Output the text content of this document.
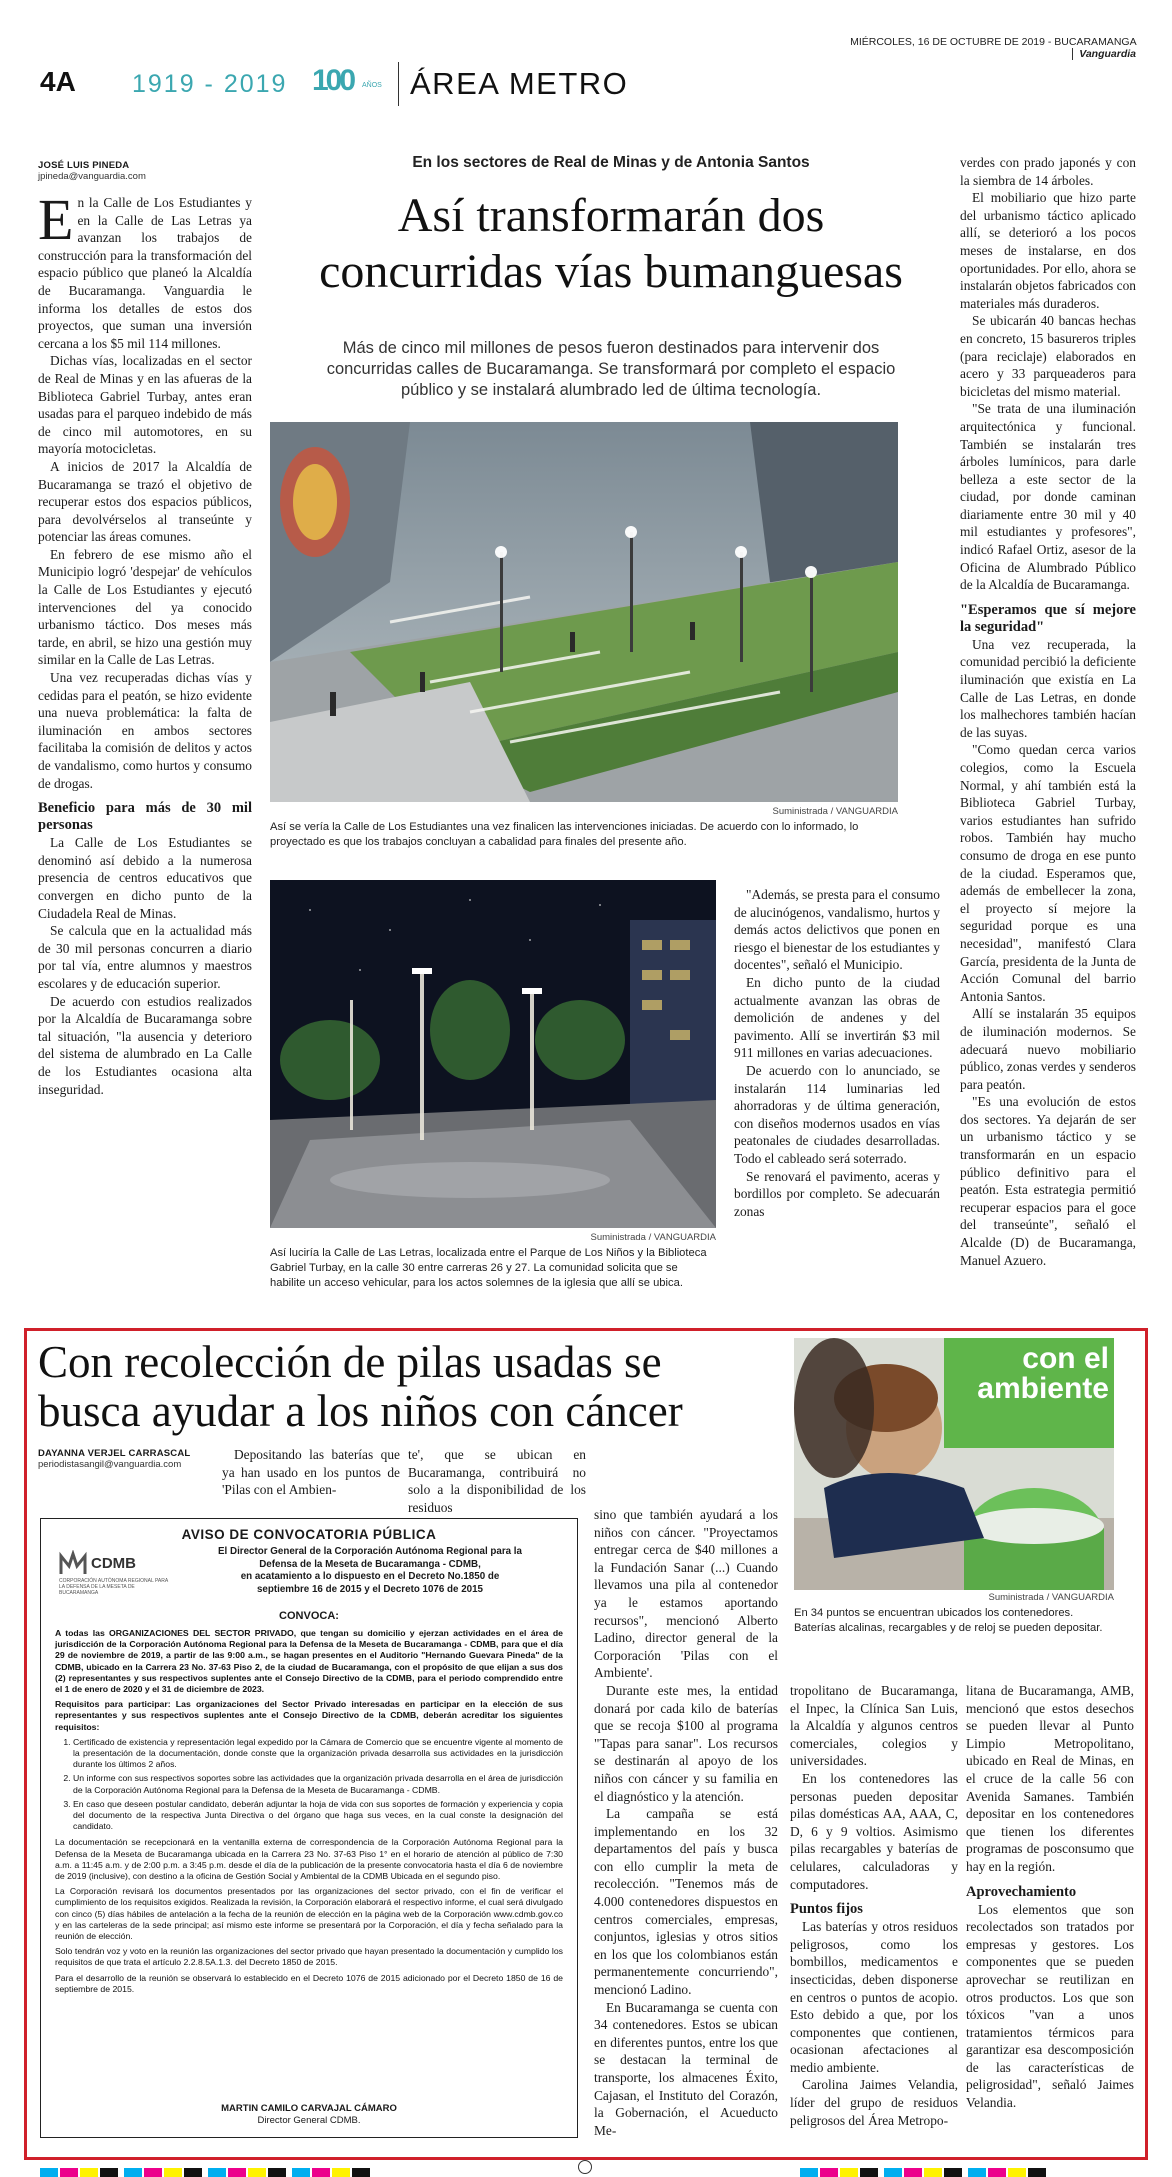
MIÉRCOLES, 16 DE OCTUBRE DE 2019 - BUCARAMANGA Vanguardia
4A 1919 - 2019 100 AÑOS ÁREA METRO
JOSÉ LUIS PINEDA
jpineda@vanguardia.com

En la Calle de Los Estudiantes y en la Calle de Las Letras ya avanzan los trabajos de construcción para la transformación del espacio público que planeó la Alcaldía de Bucaramanga. Vanguardia le informa los detalles de estos dos proyectos, que suman una inversión cercana a los $5 mil 114 millones.

Dichas vías, localizadas en el sector de Real de Minas y en las afueras de la Biblioteca Gabriel Turbay, antes eran usadas para el parqueo indebido de más de cinco mil automotores, en su mayoría motocicletas.

A inicios de 2017 la Alcaldía de Bucaramanga se trazó el objetivo de recuperar estos dos espacios públicos, para devolvérselos al transeúnte y potenciar las áreas comunes.

En febrero de ese mismo año el Municipio logró 'despejar' de vehículos la Calle de Los Estudiantes y ejecutó intervenciones del ya conocido urbanismo táctico. Dos meses más tarde, en abril, se hizo una gestión muy similar en la Calle de Las Letras.

Una vez recuperadas dichas vías y cedidas para el peatón, se hizo evidente una nueva problemática: la falta de iluminación en ambos sectores facilitaba la comisión de delitos y actos de vandalismo, como hurtos y consumo de drogas.

Beneficio para más de 30 mil personas

La Calle de Los Estudiantes se denominó así debido a la numerosa presencia de centros educativos que convergen en dicho punto de la Ciudadela Real de Minas.

Se calcula que en la actualidad más de 30 mil personas concurren a diario por tal vía, entre alumnos y maestros escolares y de educación superior.

De acuerdo con estudios realizados por la Alcaldía de Bucaramanga sobre tal situación, "la ausencia y deterioro del sistema de alumbrado en La Calle de los Estudiantes ocasiona alta inseguridad.

En los sectores de Real de Minas y de Antonia Santos
Así transformarán dos
concurridas vías bumanguesas
Más de cinco mil millones de pesos fueron destinados para intervenir dos
concurridas calles de Bucaramanga. Se transformará por completo el espacio
público y se instalará alumbrado led de última tecnología.
Suministrada / VANGUARDIA
Así se vería la Calle de Los Estudiantes una vez finalicen las intervenciones iniciadas. De acuerdo con lo informado, lo proyectado es que los trabajos concluyan a cabalidad para finales del presente año.
Suministrada / VANGUARDIA
Así luciría la Calle de Las Letras, localizada entre el Parque de Los Niños y la Biblioteca Gabriel Turbay, en la calle 30 entre carreras 26 y 27. La comunidad solicita que se habilite un acceso vehicular, para los actos solemnes de la iglesia que allí se ubica.

"Además, se presta para el consumo de alucinógenos, vandalismo, hurtos y demás actos delictivos que ponen en riesgo el bienestar de los estudiantes y docentes", señaló el Municipio.

En dicho punto de la ciudad actualmente avanzan las obras de demolición de andenes y del pavimento. Allí se invertirán $3 mil 911 millones en varias adecuaciones.

De acuerdo con lo anunciado, se instalarán 114 luminarias led ahorradoras y de última generación, con diseños modernos usados en vías peatonales de ciudades desarrolladas. Todo el cableado será soterrado.

Se renovará el pavimento, aceras y bordillos por completo. Se adecuarán zonas

verdes con prado japonés y con la siembra de 14 árboles.

El mobiliario que hizo parte del urbanismo táctico aplicado allí, se deterioró a los pocos meses de instalarse, en dos oportunidades. Por ello, ahora se instalarán objetos fabricados con materiales más duraderos.

Se ubicarán 40 bancas hechas en concreto, 15 basureros triples (para reciclaje) elaborados en acero y 33 parqueaderos para bicicletas del mismo material.

"Se trata de una iluminación arquitectónica y funcional. También se instalarán tres árboles lumínicos, para darle belleza a este sector de la ciudad, por donde caminan diariamente entre 30 mil y 40 mil estudiantes y profesores", indicó Rafael Ortiz, asesor de la Oficina de Alumbrado Público de la Alcaldía de Bucaramanga.

"Esperamos que sí mejore la seguridad"

Una vez recuperada, la comunidad percibió la deficiente iluminación que existía en La Calle de Las Letras, en donde los malhechores también hacían de las suyas.

"Como quedan cerca varios colegios, como la Escuela Normal, y ahí también está la Biblioteca Gabriel Turbay, varios estudiantes han sufrido robos. También hay mucho consumo de droga en ese punto de la ciudad. Esperamos que, además de embellecer la zona, el proyecto sí mejore la seguridad porque es una necesidad", manifestó Clara García, presidenta de la Junta de Acción Comunal del barrio Antonia Santos.

Allí se instalarán 35 equipos de iluminación modernos. Se adecuará nuevo mobiliario público, zonas verdes y senderos para peatón.

"Es una evolución de estos dos sectores. Ya dejarán de ser un urbanismo táctico y se transformarán en un espacio público definitivo para el peatón. Esta estrategia permitió recuperar espacios para el goce del transeúnte", señaló el Alcalde (D) de Bucaramanga, Manuel Azuero.

Con recolección de pilas usadas se
busca ayudar a los niños con cáncer
DAYANNA VERJEL CARRASCAL
periodistasangil@vanguardia.com

Depositando las baterías que ya han usado en los puntos de 'Pilas con el Ambien-

te', que se ubican en Bucaramanga, contribuirá no solo a la disponibilidad de los residuos

con el
ambiente
Suministrada / VANGUARDIA
En 34 puntos se encuentran ubicados los contenedores. Baterías alcalinas, recargables y de reloj se pueden depositar.
AVISO DE CONVOCATORIA PÚBLICA
CDMB
CORPORACIÓN AUTÓNOMA REGIONAL PARA LA DEFENSA DE LA MESETA DE BUCARAMANGA
El Director General de la Corporación Autónoma Regional para la
Defensa de la Meseta de Bucaramanga - CDMB,
en acatamiento a lo dispuesto en el Decreto No.1850 de
septiembre 16 de 2015 y el Decreto 1076 de 2015
CONVOCA:

A todas las ORGANIZACIONES DEL SECTOR PRIVADO, que tengan su domicilio y ejerzan actividades en el área de jurisdicción de la Corporación Autónoma Regional para la Defensa de la Meseta de Bucaramanga - CDMB, para que el día 29 de noviembre de 2019, a partir de las 9:00 a.m., se hagan presentes en el Auditorio "Hernando Guevara Pineda" de la CDMB, ubicado en la Carrera 23 No. 37-63 Piso 2, de la ciudad de Bucaramanga, con el propósito de que elijan a sus dos (2) representantes y sus respectivos suplentes ante el Consejo Directivo de la CDMB, para el periodo comprendido entre el 1 de enero de 2020 y el 31 de diciembre de 2023.

Requisitos para participar: Las organizaciones del Sector Privado interesadas en participar en la elección de sus representantes y sus respectivos suplentes ante el Consejo Directivo de la CDMB, deberán acreditar los siguientes requisitos:

1. Certificado de existencia y representación legal expedido por la Cámara de Comercio que se encuentre vigente al momento de la presentación de la documentación, donde conste que la organización privada desarrolla sus actividades en la jurisdicción durante los últimos 2 años.
2. Un informe con sus respectivos soportes sobre las actividades que la organización privada desarrolla en el área de jurisdicción de la Corporación Autónoma Regional para la Defensa de la Meseta de Bucaramanga - CDMB.
3. En caso que deseen postular candidato, deberán adjuntar la hoja de vida con sus soportes de formación y experiencia y copia del documento de la respectiva Junta Directiva o del órgano que haga sus veces, en la cual conste la designación del candidato.

La documentación se recepcionará en la ventanilla externa de correspondencia de la Corporación Autónoma Regional para la Defensa de la Meseta de Bucaramanga ubicada en la Carrera 23 No. 37-63 Piso 1° en el horario de atención al público de 7:30 a.m. a 11:45 a.m. y de 2:00 p.m. a 3:45 p.m. desde el día de la publicación de la presente convocatoria hasta el día 6 de noviembre de 2019 (inclusive), con destino a la oficina de Gestión Social y Ambiental de la CDMB Ubicada en el segundo piso.

La Corporación revisará los documentos presentados por las organizaciones del sector privado, con el fin de verificar el cumplimiento de los requisitos exigidos. Realizada la revisión, la Corporación elaborará el respectivo informe, el cual será divulgado con cinco (5) días hábiles de antelación a la fecha de la reunión de elección en la página web de la Corporación www.cdmb.gov.co y en las carteleras de la sede principal; así mismo este informe se presentará por la Corporación, el día y fecha señalado para la reunión de elección.

Solo tendrán voz y voto en la reunión las organizaciones del sector privado que hayan presentado la documentación y cumplido los requisitos de que trata el artículo 2.2.8.5A.1.3. del Decreto 1850 de 2015.

Para el desarrollo de la reunión se observará lo establecido en el Decreto 1076 de 2015 adicionado por el Decreto 1850 de 16 de septiembre de 2015.

MARTIN CAMILO CARVAJAL CÁMARO
Director General CDMB.

sino que también ayudará a los niños con cáncer. "Proyectamos entregar cerca de $40 millones a la Fundación Sanar (...) Cuando llevamos una pila al contenedor ya le estamos aportando recursos", mencionó Alberto Ladino, director general de la Corporación 'Pilas con el Ambiente'.

Durante este mes, la entidad donará por cada kilo de baterías que se recoja $100 al programa "Tapas para sanar". Los recursos se destinarán al apoyo de los niños con cáncer y su familia en el diagnóstico y la atención.

La campaña se está implementando en los 32 departamentos del país y busca con ello cumplir la meta de recolección. "Tenemos más de 4.000 contenedores dispuestos en centros comerciales, empresas, conjuntos, iglesias y otros sitios en los que los colombianos están permanentemente concurriendo", mencionó Ladino.

En Bucaramanga se cuenta con 34 contenedores. Estos se ubican en diferentes puntos, entre los que se destacan la terminal de transporte, los almacenes Éxito, Cajasan, el Instituto del Corazón, la Gobernación, el Acueducto Me-

tropolitano de Bucaramanga, el Inpec, la Clínica San Luis, la Alcaldía y algunos centros comerciales, colegios y universidades.

En los contenedores las personas pueden depositar pilas domésticas AA, AAA, C, D, 6 y 9 voltios. Asimismo pilas recargables y baterías de celulares, calculadoras y computadores.

Puntos fijos

Las baterías y otros residuos peligrosos, como los bombillos, medicamentos e insecticidas, deben disponerse en centros o puntos de acopio. Esto debido a que, por los componentes que contienen, ocasionan afectaciones al medio ambiente.

Carolina Jaimes Velandia, líder del grupo de residuos peligrosos del Área Metropo-

litana de Bucaramanga, AMB, mencionó que estos desechos se pueden llevar al Punto Limpio Metropolitano, ubicado en Real de Minas, en el cruce de la calle 56 con Avenida Samanes. También depositar en los contenedores que tienen los diferentes programas de posconsumo que hay en la región.

Aprovechamiento

Los elementos que son recolectados son tratados por empresas y gestores. Los componentes que se pueden aprovechar se reutilizan en otros productos. Los que son tóxicos "van a unos tratamientos térmicos para garantizar esa descomposición de las características de peligrosidad", señaló Jaimes Velandia.
